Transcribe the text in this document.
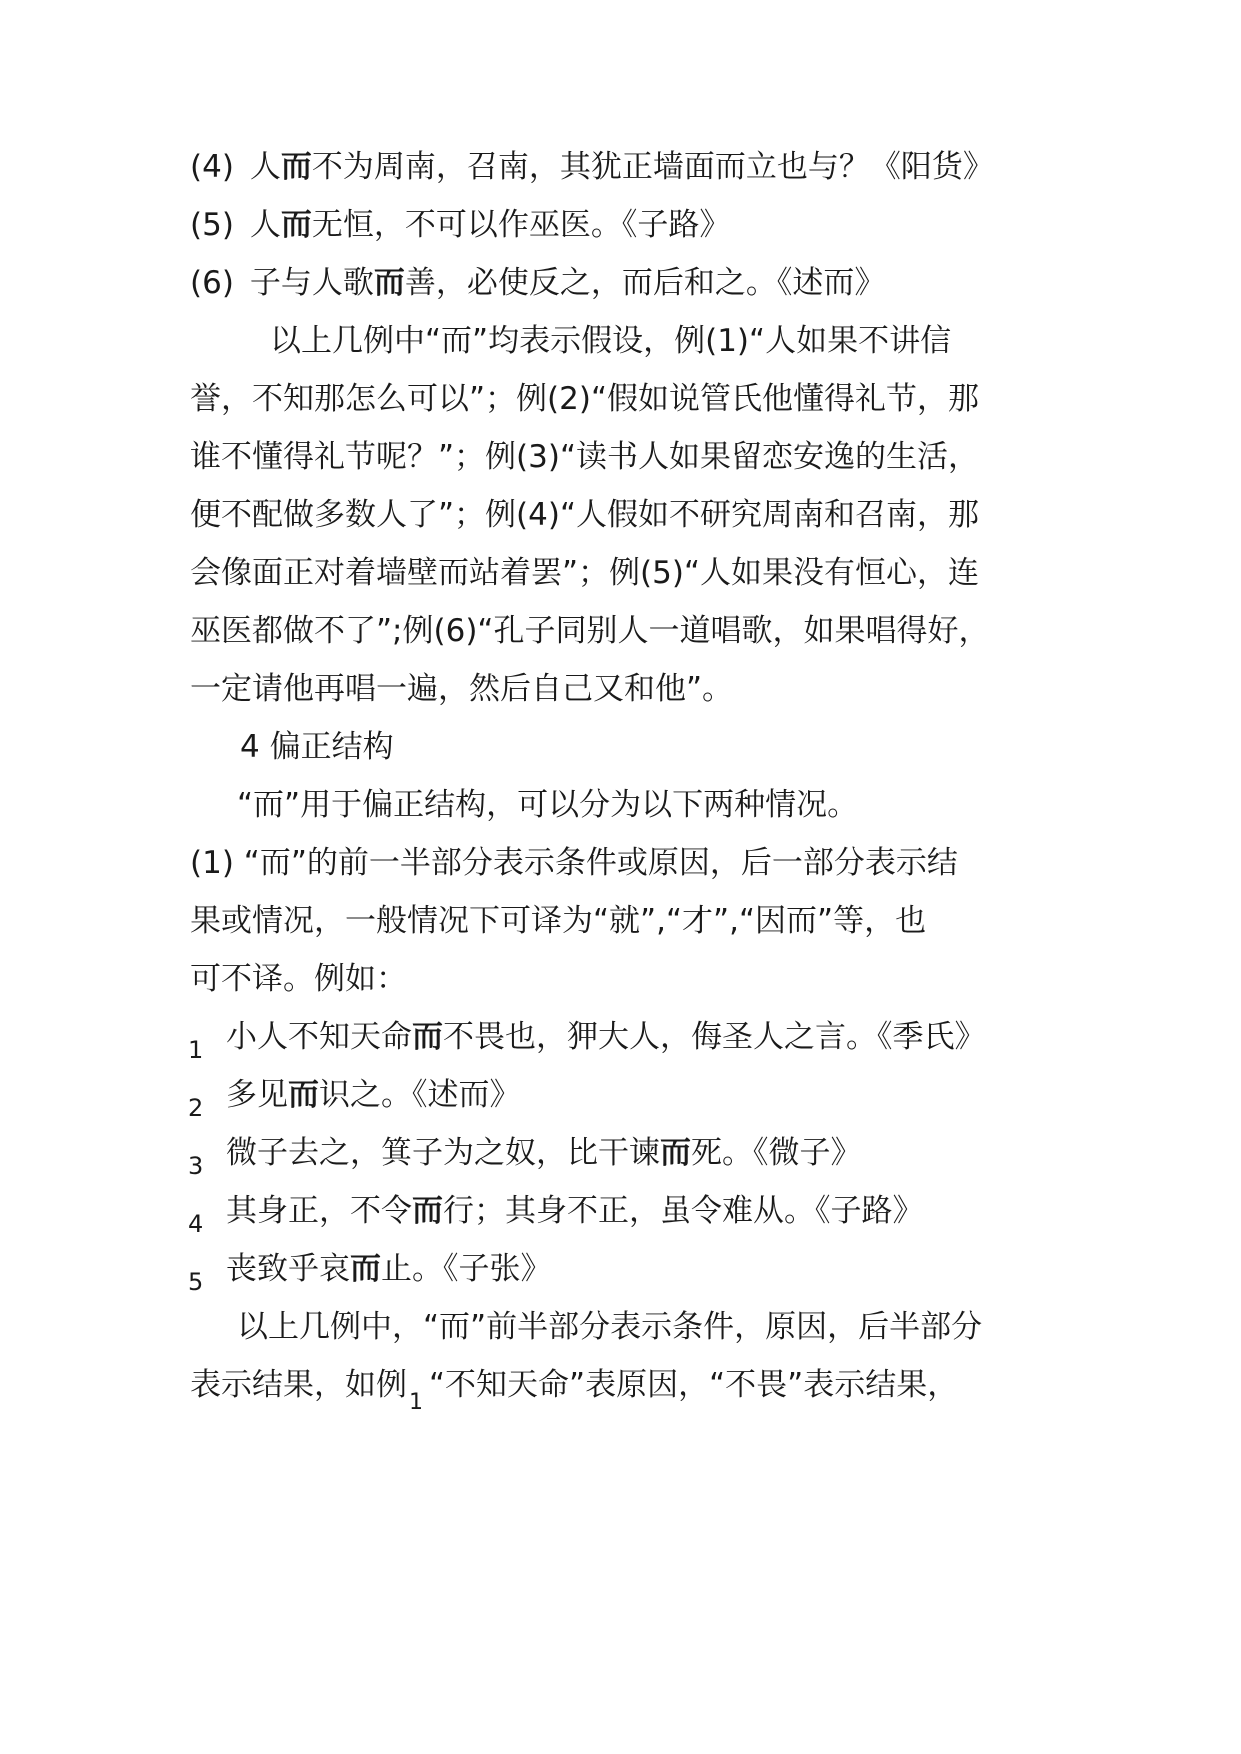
(4) 人而不为周南，召南，其犹正墙面而立也与？《阳货》
(5) 人而无恒，不可以作巫医。《子路》
(6) 子与人歌而善，必使反之，而后和之。《述而》
以上几例中“而”均表示假设，例(1)“人如果不讲信
誉，不知那怎么可以”；例(2)“假如说管氏他懂得礼节，那
谁不懂得礼节呢？”；例(3)“读书人如果留恋安逸的生活，
便不配做多数人了”；例(4)“人假如不研究周南和召南，那
会像面正对着墙壁而站着罢”；例(5)“人如果没有恒心，连
巫医都做不了”;例(6)“孔子同别人一道唱歌，如果唱得好，
一定请他再唱一遍，然后自己又和他”。
4 偏正结构
“而”用于偏正结构，可以分为以下两种情况。
(1) “而”的前一半部分表示条件或原因，后一部分表示结
果或情况，一般情况下可译为“就”,“才”,“因而”等，也
可不译。例如：
1 小人不知天命而不畏也，狎大人，侮圣人之言。《季氏》
2 多见而识之。《述而》
3 微子去之，箕子为之奴，比干谏而死。《微子》
4 其身正，不令而行；其身不正，虽令难从。《子路》
5 丧致乎哀而止。《子张》
以上几例中，“而”前半部分表示条件，原因，后半部分
表示结果，如例1 “不知天命”表原因，“不畏”表示结果，
